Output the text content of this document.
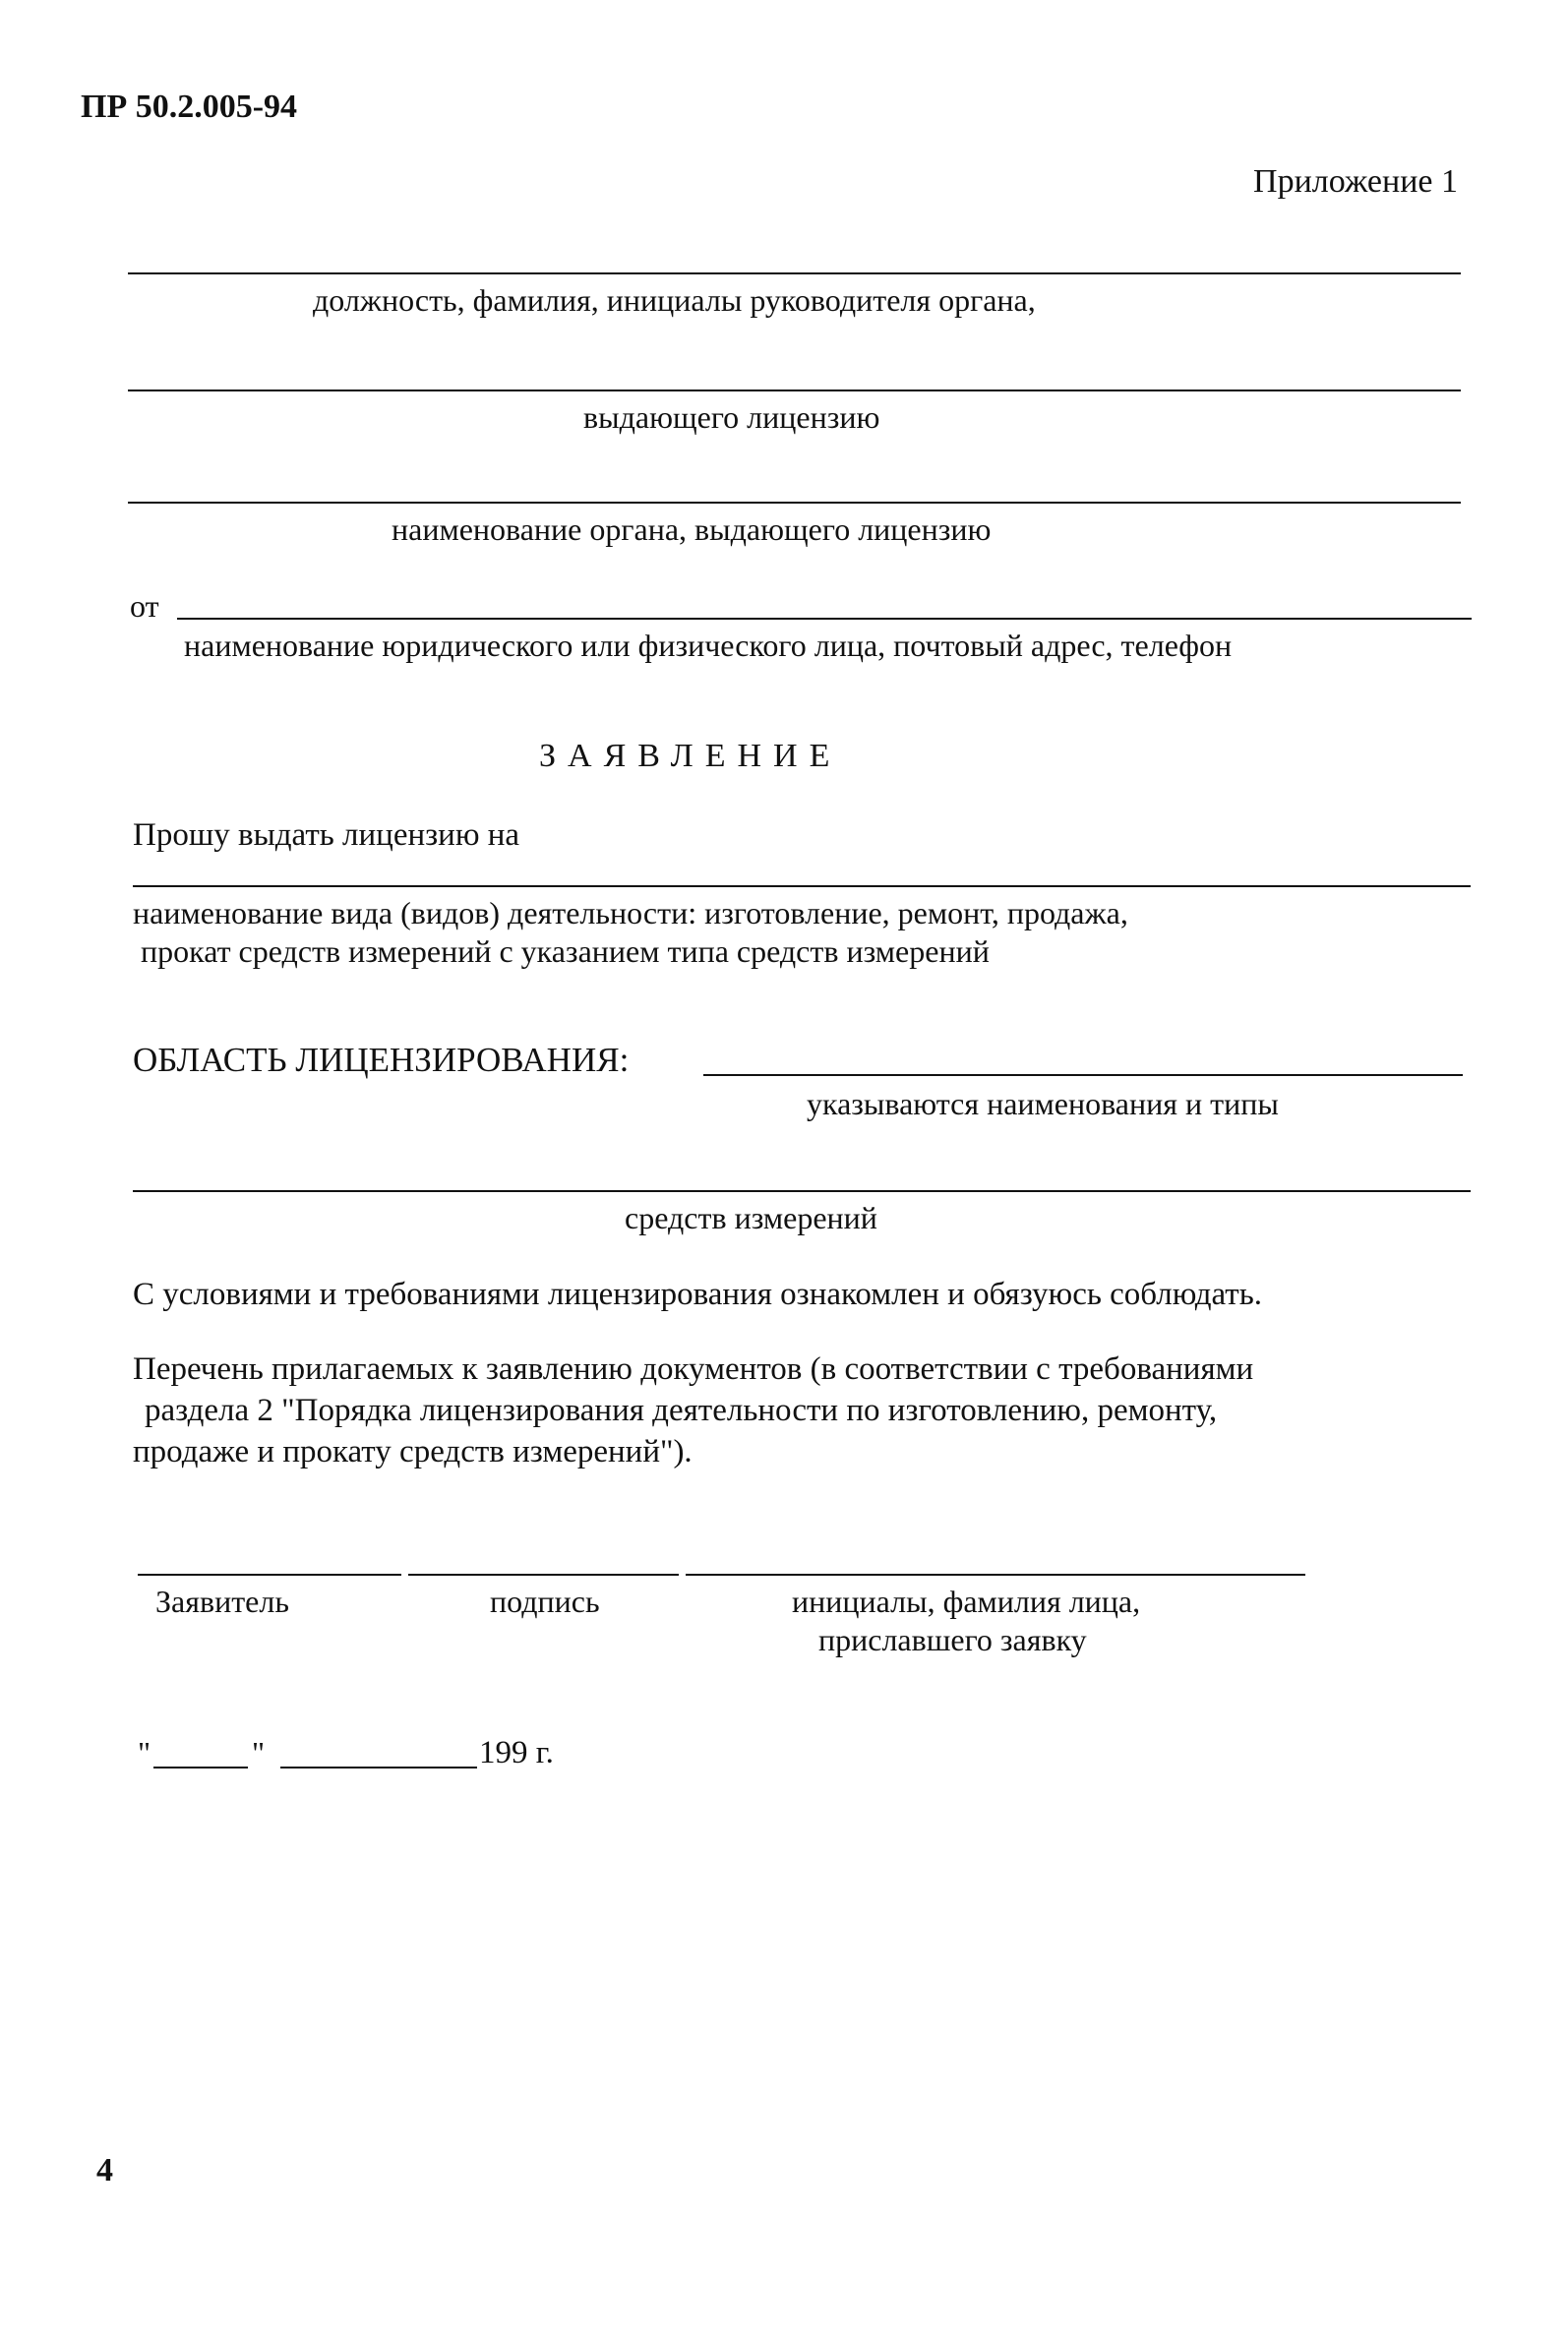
ПР 50.2.005-94
Приложение 1
должность, фамилия, инициалы руководителя органа,
выдающего лицензию
наименование органа, выдающего лицензию
от
наименование юридического или физического лица, почтовый адрес, телефон
ЗАЯВЛЕНИЕ
Прошу выдать лицензию на
наименование вида (видов) деятельности: изготовление, ремонт, продажа,
прокат средств измерений с указанием типа средств измерений
ОБЛАСТЬ ЛИЦЕНЗИРОВАНИЯ:
указываются наименования и типы
средств измерений
С условиями и требованиями лицензирования ознакомлен и обязуюсь соблюдать.
Перечень прилагаемых к заявлению документов (в соответствии с требованиями
раздела 2 "Порядка лицензирования деятельности по изготовлению, ремонту,
продаже и прокату средств измерений").
Заявитель	подпись	инициалы, фамилия лица,
приславшего заявку
"	"	199 г.
4
